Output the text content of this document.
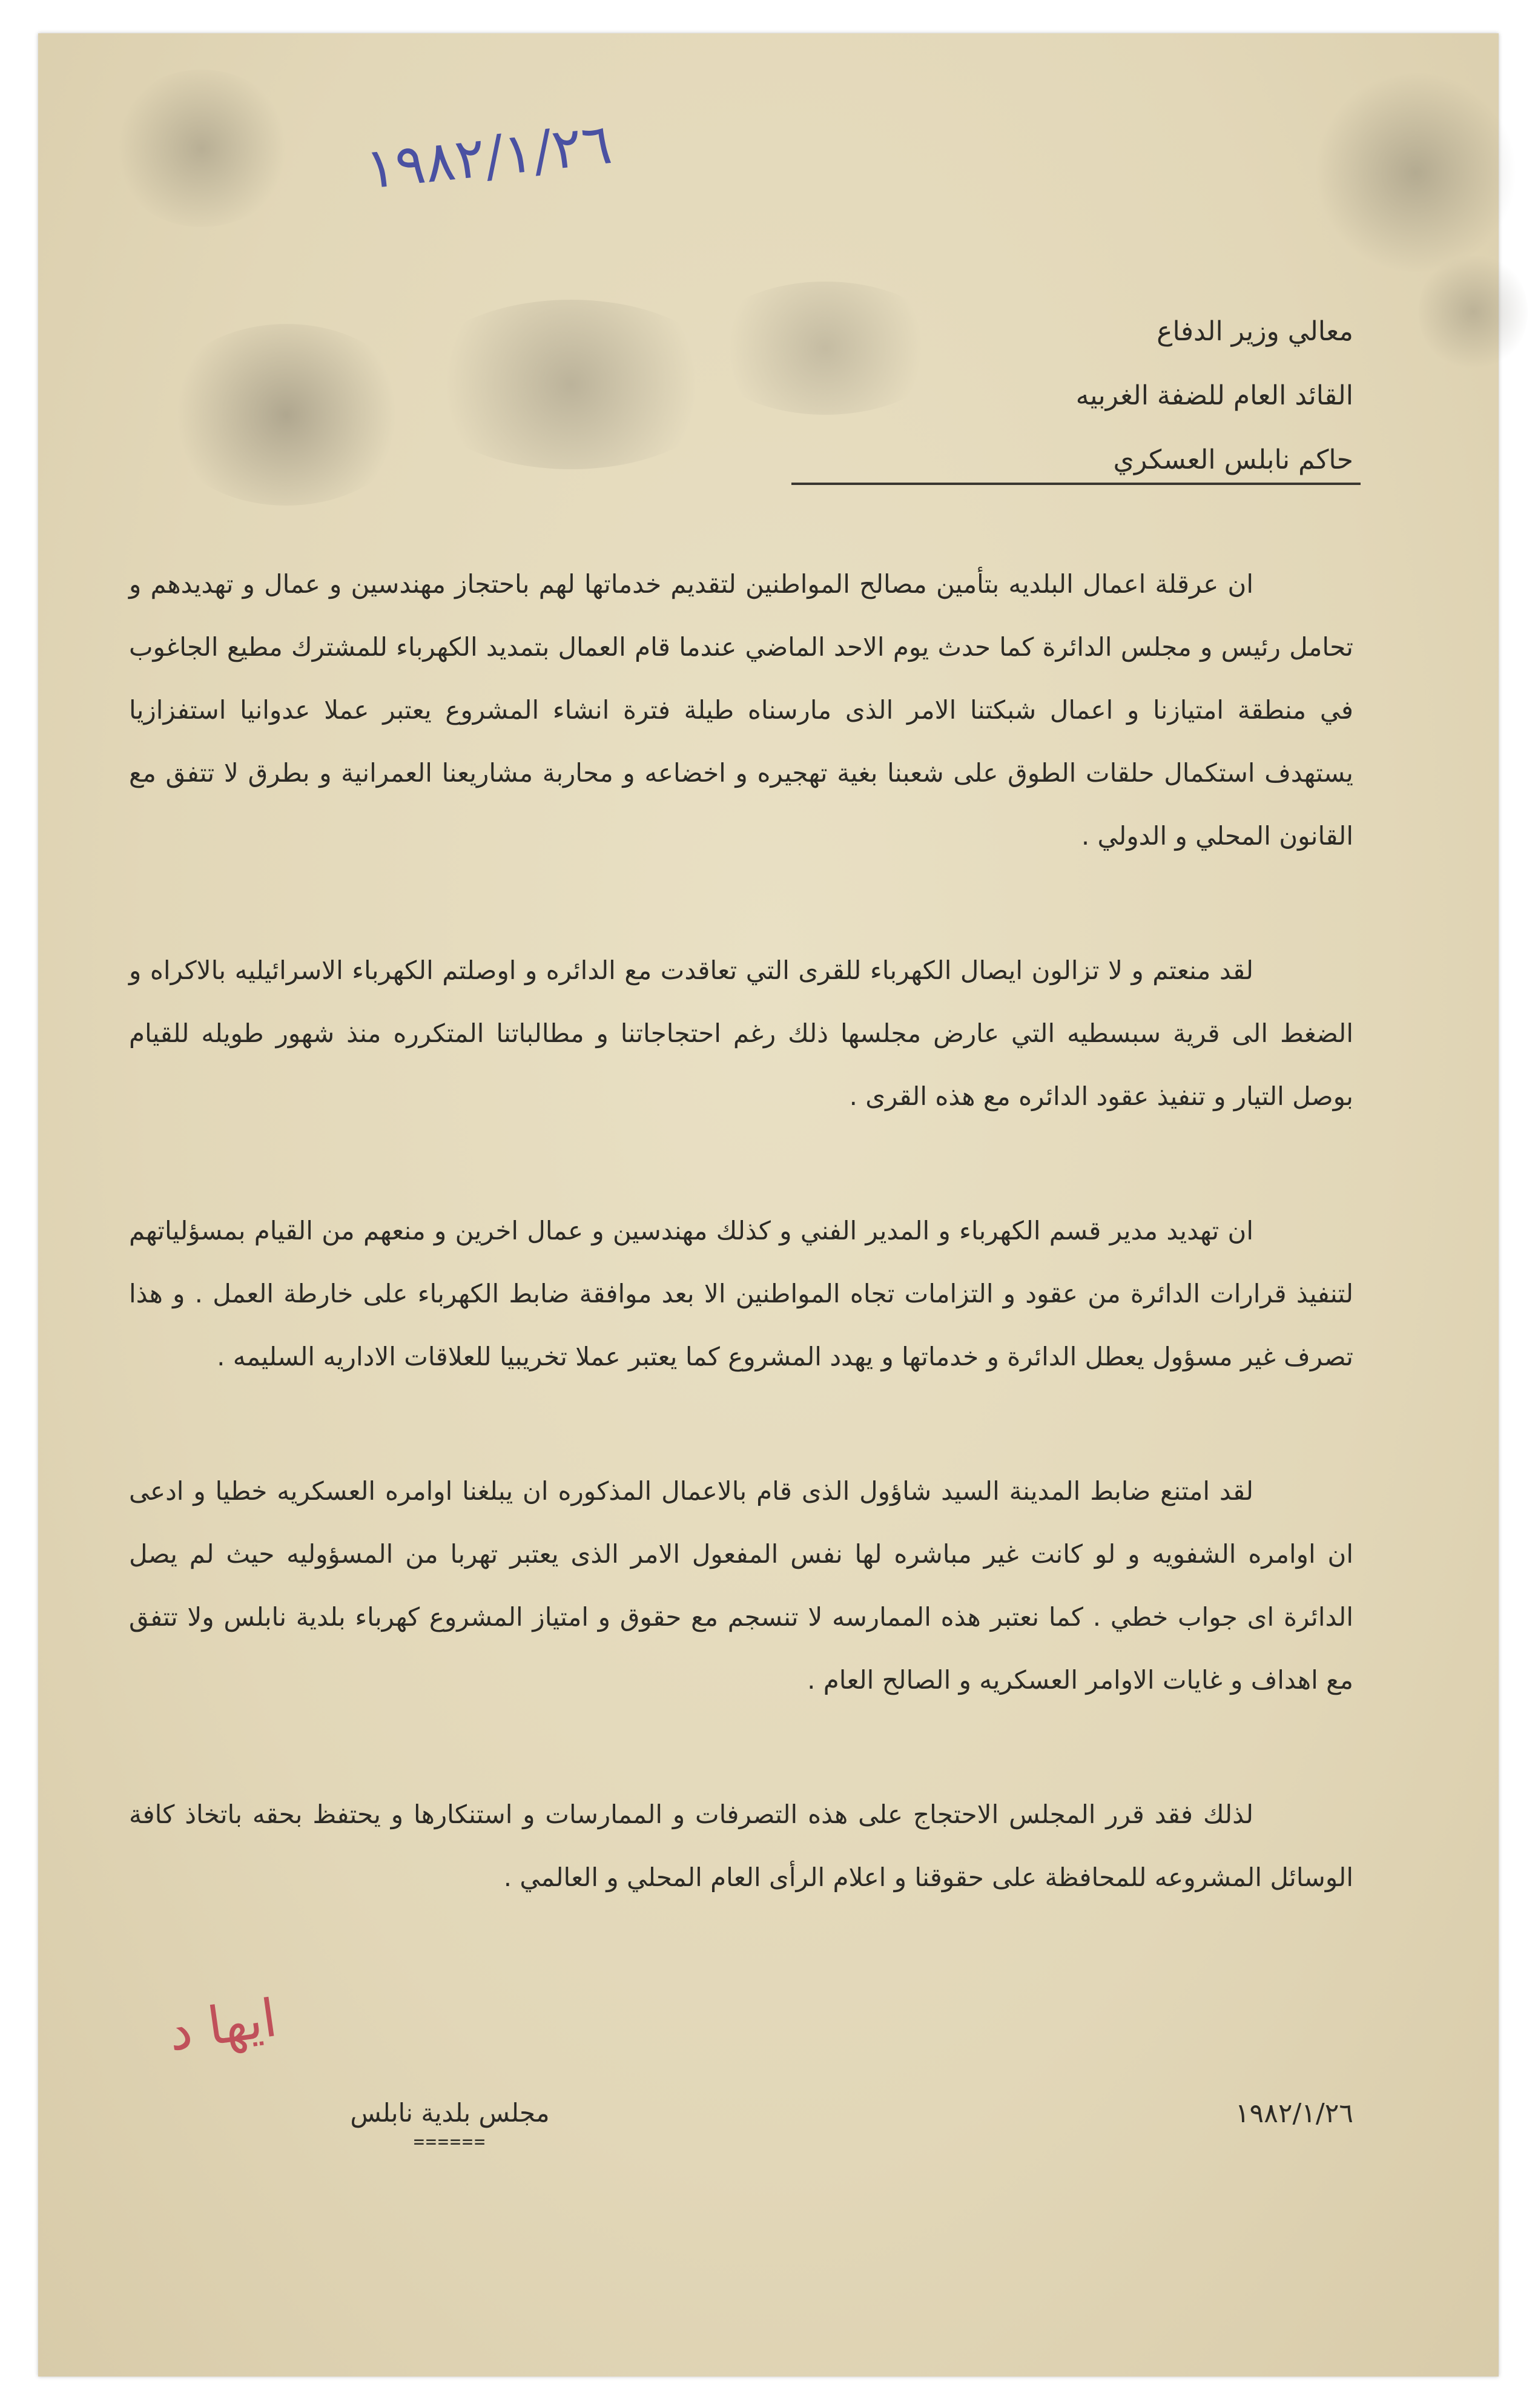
١٩٨٢/١/٢٦
معالي وزير الدفاع
القائد العام للضفة الغربيه
حاكم نابلس العسكري

ان عرقلة اعمال البلديه بتأمين مصالح المواطنين لتقديم خدماتها لهم باحتجاز مهندسين و عمال و تهديدهم و تحامل رئيس و مجلس الدائرة كما حدث يوم الاحد الماضي عندما قام العمال بتمديد الكهرباء للمشترك مطيع الجاغوب في منطقة امتيازنا و اعمال شبكتنا الامر الذى مارسناه طيلة فترة انشاء المشروع يعتبر عملا عدوانيا استفزازيا يستهدف استكمال حلقات الطوق على شعبنا بغية تهجيره و اخضاعه و محاربة مشاريعنا العمرانية و بطرق لا تتفق مع القانون المحلي و الدولي .

لقد منعتم و لا تزالون ايصال الكهرباء للقرى التي تعاقدت مع الدائره و اوصلتم الكهرباء الاسرائيليه بالاكراه و الضغط الى قرية سبسطيه التي عارض مجلسها ذلك رغم احتجاجاتنا و مطالباتنا المتكرره منذ شهور طويله للقيام بوصل التيار و تنفيذ عقود الدائره مع هذه القرى .

ان تهديد مدير قسم الكهرباء و المدير الفني و كذلك مهندسين و عمال اخرين و منعهم من القيام بمسؤلياتهم لتنفيذ قرارات الدائرة من عقود و التزامات تجاه المواطنين الا بعد موافقة ضابط الكهرباء على خارطة العمل . و هذا تصرف غير مسؤول يعطل الدائرة و خدماتها و يهدد المشروع كما يعتبر عملا تخريبيا للعلاقات الاداريه السليمه .

لقد امتنع ضابط المدينة السيد شاؤول الذى قام بالاعمال المذكوره ان يبلغنا اوامره العسكريه خطيا و ادعى ان اوامره الشفويه و لو كانت غير مباشره لها نفس المفعول الامر الذى يعتبر تهربا من المسؤوليه حيث لم يصل الدائرة اى جواب خطي . كما نعتبر هذه الممارسه لا تنسجم مع حقوق و امتياز المشروع كهرباء بلدية نابلس ولا تتفق مع اهداف و غايات الاوامر العسكريه و الصالح العام .

لذلك فقد قرر المجلس الاحتجاج على هذه التصرفات و الممارسات و استنكارها و يحتفظ بحقه باتخاذ كافة الوسائل المشروعه للمحافظة على حقوقنا و اعلام الرأى العام المحلي و العالمي .

ايها د
١٩٨٢/١/٢٦
مجلس بلدية نابلس
======
